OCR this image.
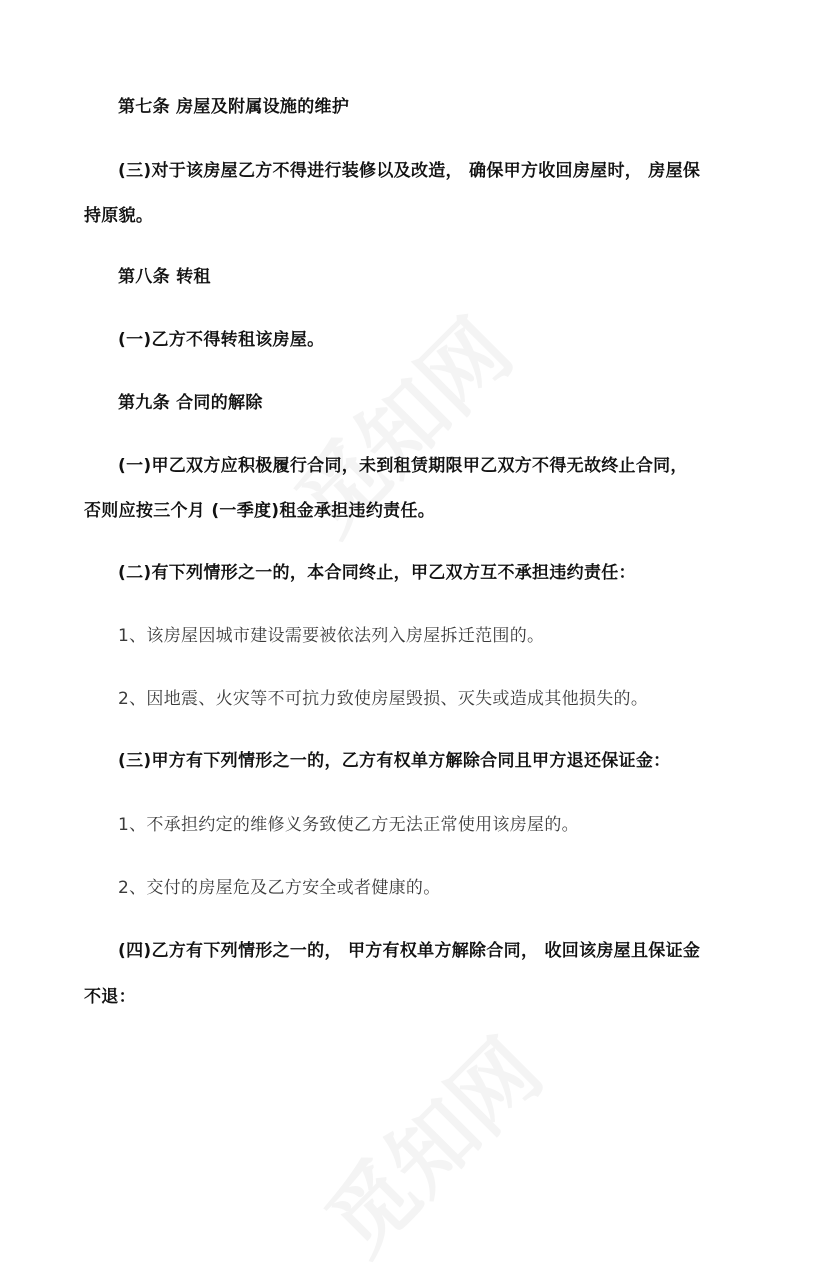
第七条 房屋及附属设施的维护
(三)对于该房屋乙方不得进行装修以及改造， 确保甲方收回房屋时， 房屋保
持原貌。
第八条 转租
(一)乙方不得转租该房屋。
第九条 合同的解除
(一)甲乙双方应积极履行合同，未到租赁期限甲乙双方不得无故终止合同，
否则应按三个月 (一季度)租金承担违约责任。
(二)有下列情形之一的，本合同终止，甲乙双方互不承担违约责任：
1、该房屋因城市建设需要被依法列入房屋拆迁范围的。
2、因地震、火灾等不可抗力致使房屋毁损、灭失或造成其他损失的。
(三)甲方有下列情形之一的，乙方有权单方解除合同且甲方退还保证金：
1、不承担约定的维修义务致使乙方无法正常使用该房屋的。
2、交付的房屋危及乙方安全或者健康的。
(四)乙方有下列情形之一的， 甲方有权单方解除合同， 收回该房屋且保证金
不退：
